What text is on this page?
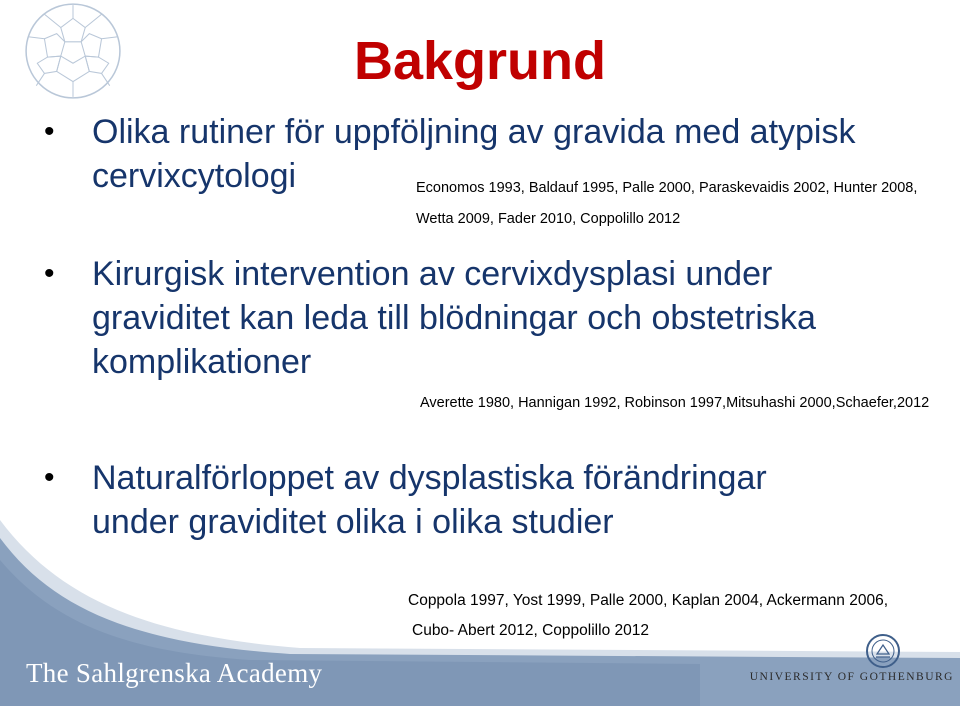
Bakgrund
• Olika rutiner för uppföljning av gravida med atypisk
cervixcytologi	Economos 1993, Baldauf 1995, Palle 2000, Paraskevaidis 2002, Hunter 2008,
Wetta 2009, Fader 2010, Coppolillo 2012
• Kirurgisk intervention av cervixdysplasi under
graviditet kan leda till blödningar och obstetriska
komplikationer
Averette 1980, Hannigan 1992, Robinson 1997,Mitsuhashi 2000,Schaefer,2012
• Naturalförloppet av dysplastiska förändringar
under graviditet olika i olika studier
Coppola 1997, Yost 1999, Palle 2000, Kaplan 2004, Ackermann 2006,
Cubo- Abert 2012, Coppolillo 2012
The Sahlgrenska Academy	UNIVERSITY OF GOTHENBURG
